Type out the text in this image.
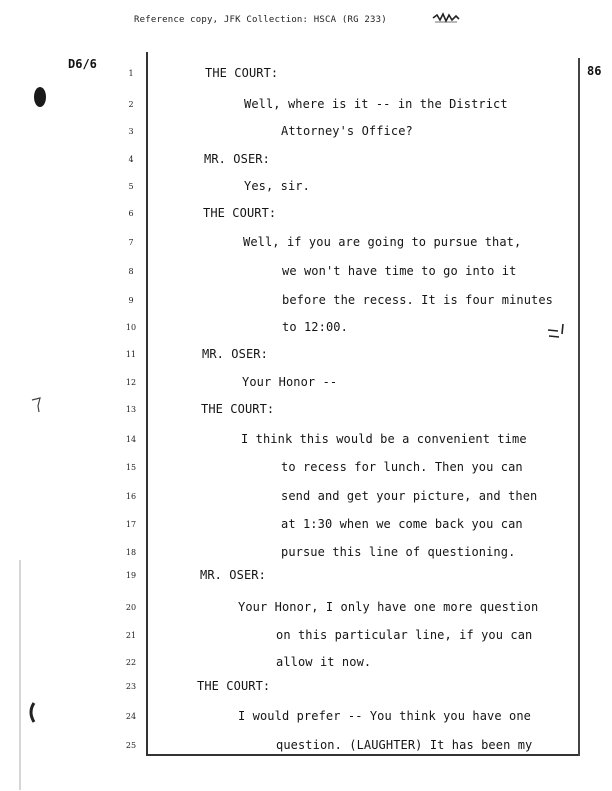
Reference copy, JFK Collection: HSCA (RG 233)
D6/6	86
1	THE COURT:
2	Well, where is it -- in the District
3	Attorney's Office?
4	MR. OSER:
5	Yes, sir.
6	THE COURT:
7	Well, if you are going to pursue that,
8	we won't have time to go into it
9	before the recess. It is four minutes
10	to 12:00.
11	MR. OSER:
12	Your Honor --
13	THE COURT:
14	I think this would be a convenient time
15	to recess for lunch. Then you can
16	send and get your picture, and then
17	at 1:30 when we come back you can
18	pursue this line of questioning.
19	MR. OSER:
20	Your Honor, I only have one more question
21	on this particular line, if you can
22	allow it now.
23	THE COURT:
24	I would prefer -- You think you have one
25	question. (LAUGHTER) It has been my
